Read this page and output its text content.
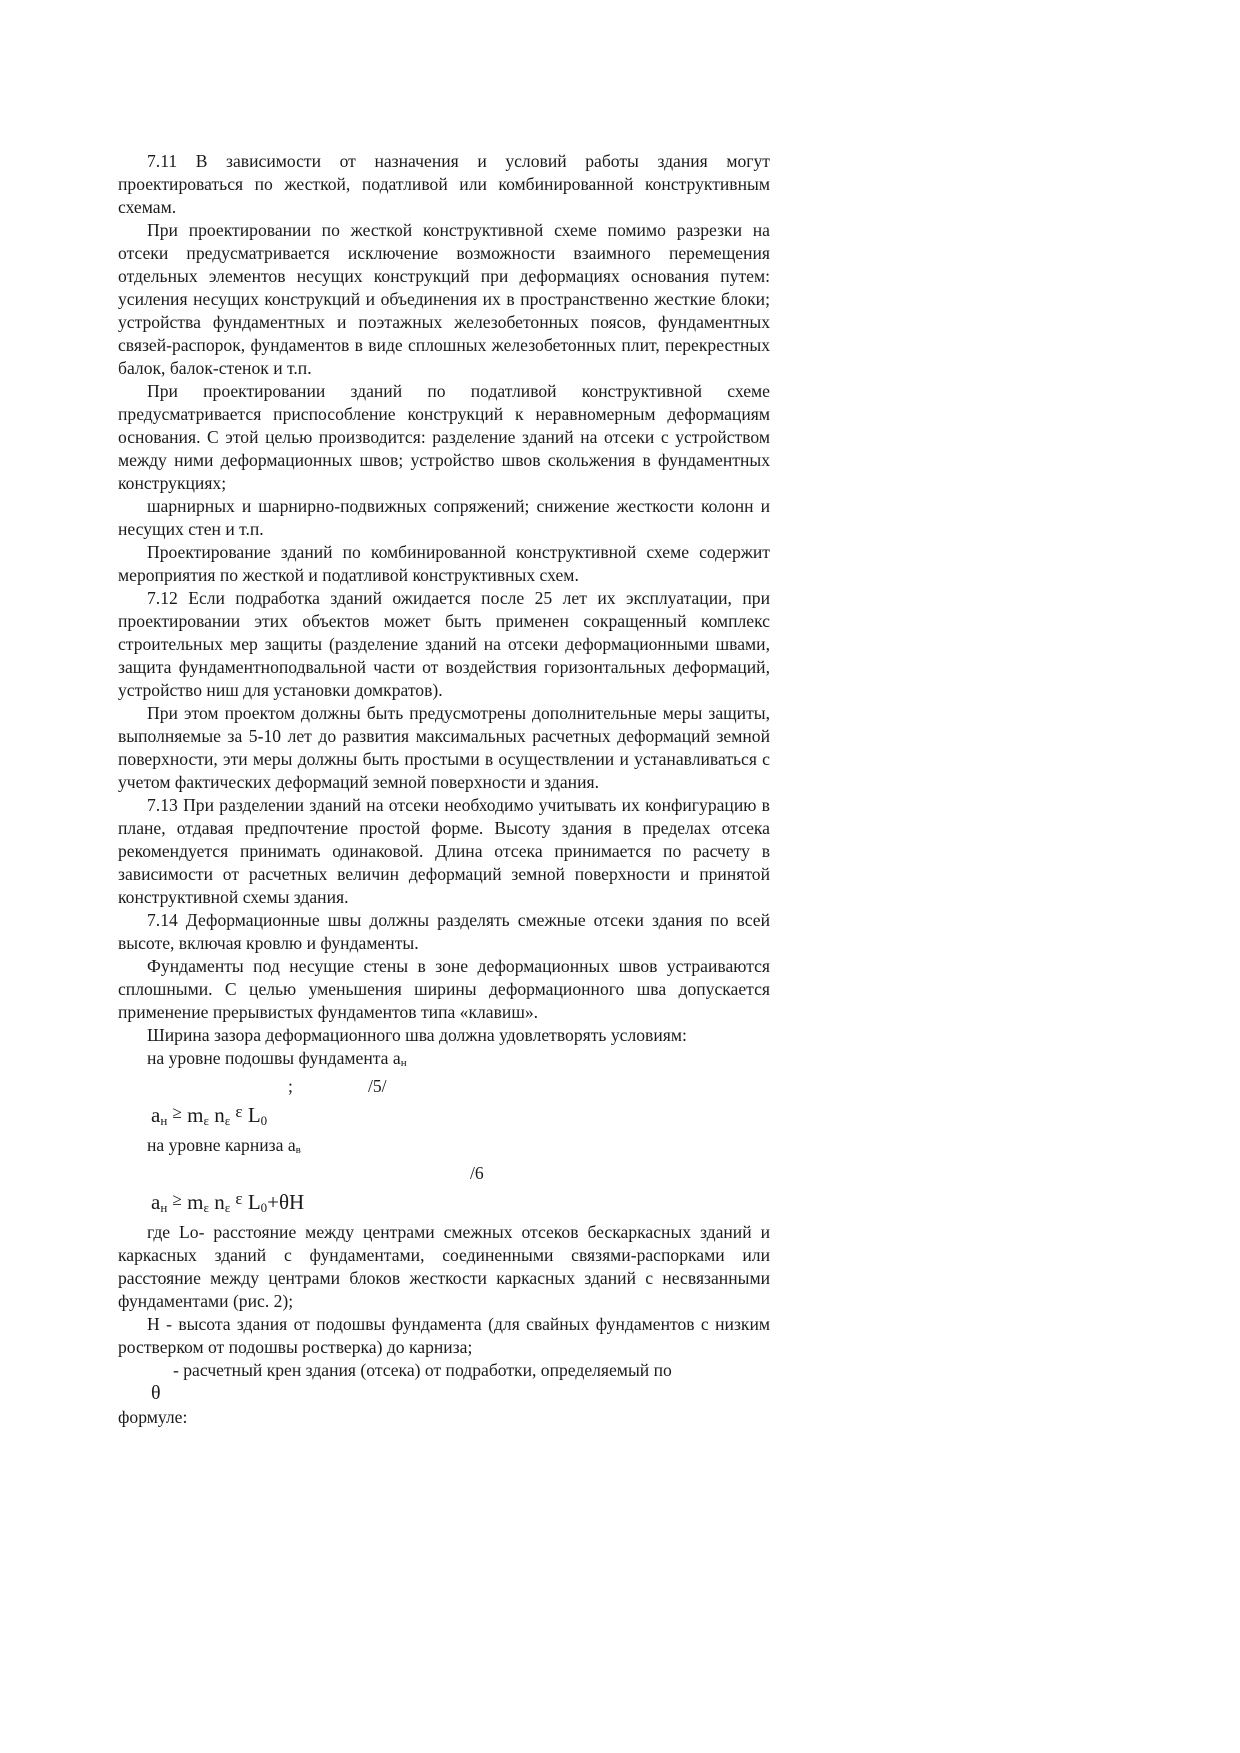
7.11 В зависимости от назначения и условий работы здания могут проектироваться по жесткой, податливой или комбинированной конструктивным схемам.

При проектировании по жесткой конструктивной схеме помимо разрезки на отсеки предусматривается исключение возможности взаимного перемещения отдельных элементов несущих конструкций при деформациях основания путем: усиления несущих конструкций и объединения их в пространственно жесткие блоки; устройства фундаментных и поэтажных железобетонных поясов, фундаментных связей-распорок, фундаментов в виде сплошных железобетонных плит, перекрестных балок, балок-стенок и т.п.

При проектировании зданий по податливой конструктивной схеме предусматривается приспособление конструкций к неравномерным деформациям основания. С этой целью производится: разделение зданий на отсеки с устройством между ними деформационных швов; устройство швов скольжения в фундаментных конструкциях;

шарнирных и шарнирно-подвижных сопряжений; снижение жесткости колонн и несущих стен и т.п.

Проектирование зданий по комбинированной конструктивной схеме содержит мероприятия по жесткой и податливой конструктивных схем.

7.12 Если подработка зданий ожидается после 25 лет их эксплуатации, при проектировании этих объектов может быть применен сокращенный комплекс строительных мер защиты (разделение зданий на отсеки деформационными швами, защита фундаментноподвальной части от воздействия горизонтальных деформаций, устройство ниш для установки домкратов).

При этом проектом должны быть предусмотрены дополнительные меры защиты, выполняемые за 5-10 лет до развития максимальных расчетных деформаций земной поверхности, эти меры должны быть простыми в осуществлении и устанавливаться с учетом фактических деформаций земной поверхности и здания.

7.13 При разделении зданий на отсеки необходимо учитывать их конфигурацию в плане, отдавая предпочтение простой форме. Высоту здания в пределах отсека рекомендуется принимать одинаковой. Длина отсека принимается по расчету в зависимости от расчетных величин деформаций земной поверхности и принятой конструктивной схемы здания.

7.14 Деформационные швы должны разделять смежные отсеки здания по всей высоте, включая кровлю и фундаменты.

Фундаменты под несущие стены в зоне деформационных швов устраиваются сплошными. С целью уменьшения ширины деформационного шва допускается применение прерывистых фундаментов типа «клавиш».

Ширина зазора деформационного шва должна удовлетворять условиям:

на уровне подошвы фундамента ан
;	/5/
ан ≥ mε nε $^\varepsilon$ L0
на уровне карниза ав
/6
ан ≥ mε nε $^\varepsilon$ L0+θН

где Lо- расстояние между центрами смежных отсеков бескаркасных зданий и каркасных зданий с фундаментами, соединенными связями-распорками или расстояние между центрами блоков жесткости каркасных зданий с несвязанными фундаментами (рис. 2);

Н - высота здания от подошвы фундамента (для свайных фундаментов с низким ростверком от подошвы ростверка) до карниза;

- расчетный крен здания (отсека) от подработки, определяемый по

θ
формуле:
